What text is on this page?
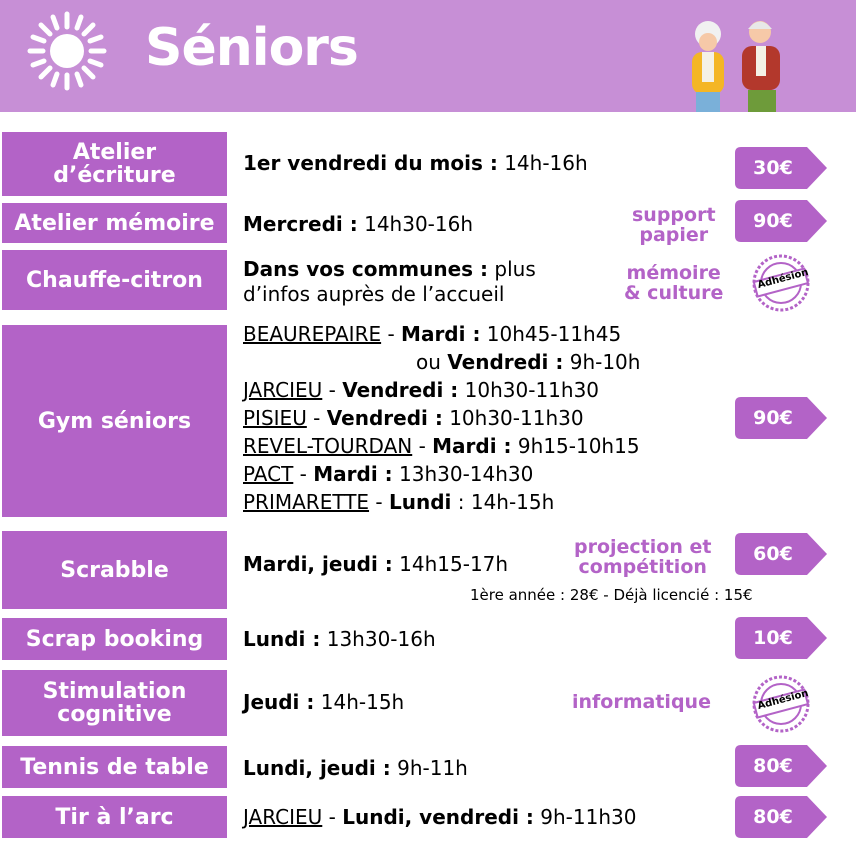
Séniors
Atelier
d’écriture
Atelier mémoire
Chauffe-citron
Gym séniors
Scrabble
Scrap booking
Stimulation
cognitive
Tennis de table
Tir à l’arc
1er vendredi du mois : 14h-16h
Mercredi : 14h30-16h
Dans vos communes : plus
d’infos auprès de l’accueil
BEAUREPAIRE - Mardi : 10h45-11h45
ou Vendredi : 9h-10h
JARCIEU - Vendredi : 10h30-11h30
PISIEU - Vendredi : 10h30-11h30
REVEL-TOURDAN - Mardi : 9h15-10h15
PACT - Mardi : 13h30-14h30
PRIMARETTE - Lundi : 14h-15h
Mardi, jeudi : 14h15-17h
1ère année : 28€ - Déjà licencié : 15€
Lundi : 13h30-16h
Jeudi : 14h-15h
Lundi, jeudi : 9h-11h
JARCIEU - Lundi, vendredi : 9h-11h30
support
papier
mémoire
& culture
projection et
compétition
informatique
30€
90€
90€
60€
10€
80€
80€
Adhésion
Adhésion
